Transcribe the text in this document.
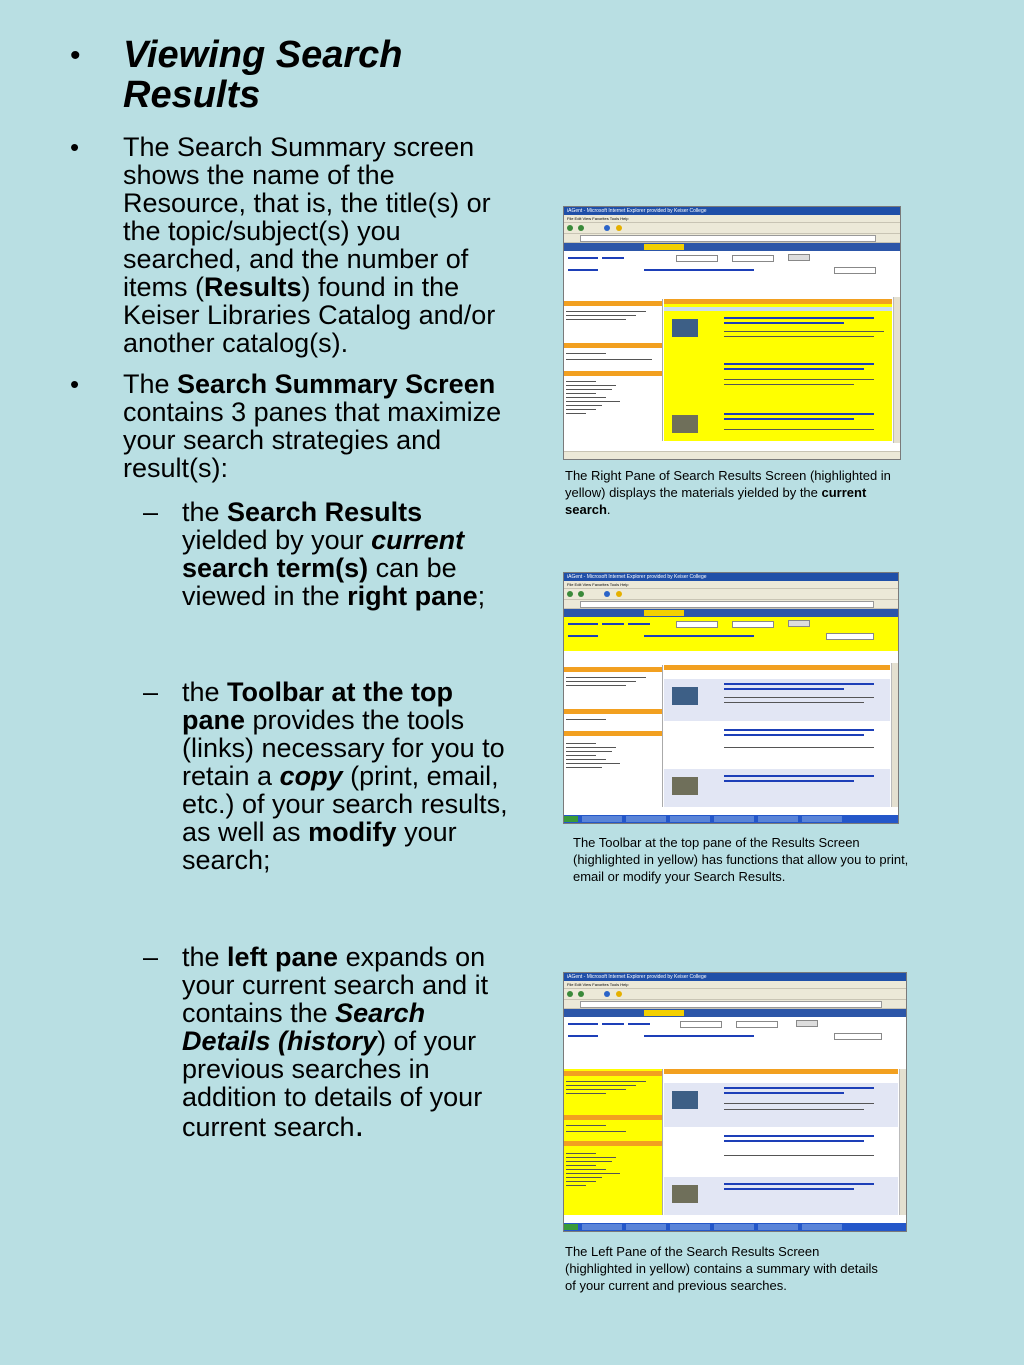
• Viewing Search Results
• The Search Summary screen shows the name of the Resource, that is, the title(s) or the topic/subject(s) you searched, and the number of items (Results) found in the Keiser Libraries Catalog and/or another catalog(s).
• The Search Summary Screen contains 3 panes that maximize your search strategies and result(s):
– the Search Results yielded by your current search term(s) can be viewed in the right pane;
– the Toolbar at the top pane provides the tools (links) necessary for you to retain a copy (print, email, etc.) of your search results, as well as modify your search;
– the left pane expands on your current search and it contains the Search Details (history) of your previous searches in addition to details of your current search.
iAGent - Microsoft Internet Explorer provided by Keiser College
File Edit View Favorites Tools Help
The Right Pane of Search Results Screen (highlighted in yellow) displays the materials yielded by the current search.
iAGent - Microsoft Internet Explorer provided by Keiser College
File Edit View Favorites Tools Help
The Toolbar at the top pane of the Results Screen (highlighted in yellow) has functions that allow you to print, email or modify your Search Results.
iAGent - Microsoft Internet Explorer provided by Keiser College
File Edit View Favorites Tools Help
The Left Pane of the Search Results Screen (highlighted in yellow) contains a summary with details of your current and previous searches.
